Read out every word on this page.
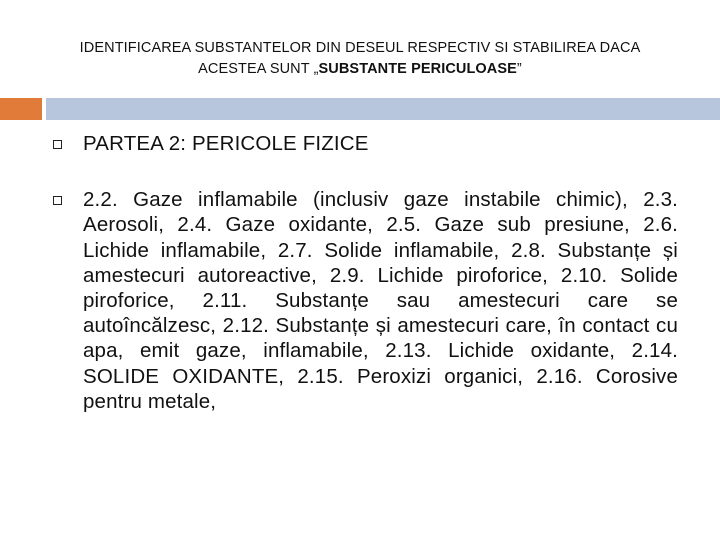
IDENTIFICAREA SUBSTANTELOR DIN DESEUL RESPECTIV SI STABILIREA DACA
ACESTEA SUNT „SUBSTANTE PERICULOASE”
PARTEA 2: PERICOLE FIZICE
2.2. Gaze inflamabile (inclusiv gaze instabile chimic), 2.3. Aerosoli, 2.4. Gaze oxidante, 2.5. Gaze sub presiune, 2.6. Lichide inflamabile, 2.7. Solide inflamabile, 2.8. Substanțe și amestecuri autoreactive, 2.9. Lichide piroforice, 2.10. Solide piroforice, 2.11. Substanțe sau amestecuri care se autoîncălzesc, 2.12. Substanțe și amestecuri care, în contact cu apa, emit gaze, inflamabile, 2.13. Lichide oxidante, 2.14. SOLIDE OXIDANTE, 2.15. Peroxizi organici, 2.16. Corosive pentru metale,
